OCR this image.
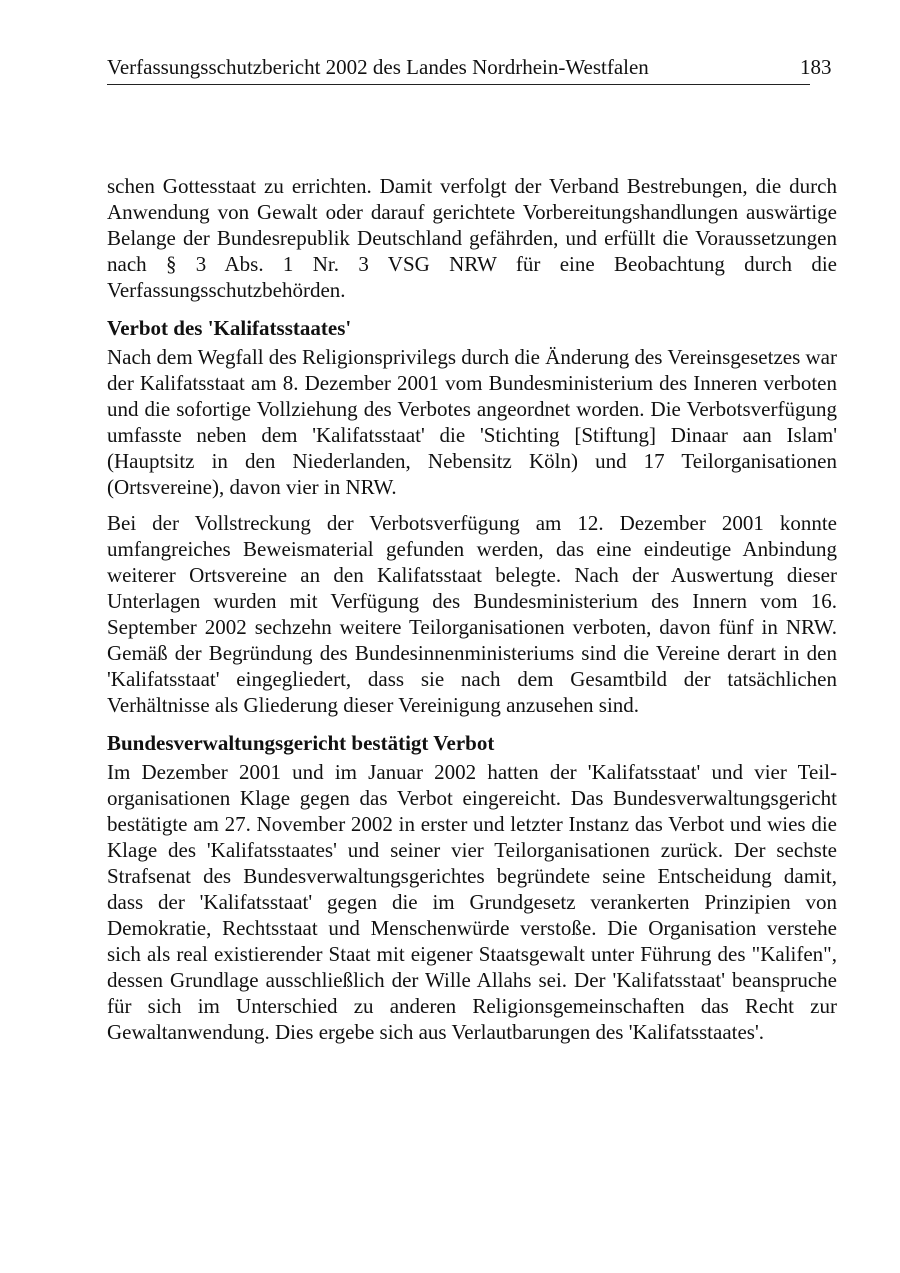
Verfassungsschutzbericht 2002 des Landes Nordrhein-Westfalen	183

schen Gottesstaat zu errichten. Damit verfolgt der Verband Bestrebungen, die durch Anwendung von Gewalt oder darauf gerichtete Vorbereitungshandlungen auswärtige Belange der Bundesrepublik Deutschland gefährden, und erfüllt die Voraussetzungen nach § 3 Abs. 1 Nr. 3 VSG NRW für eine Beobachtung durch die Verfassungsschutzbehörden.

Verbot des 'Kalifatsstaates'

Nach dem Wegfall des Religionsprivilegs durch die Änderung des Vereinsgesetzes war der Kalifatsstaat am 8. Dezember 2001 vom Bundesministerium des Inneren verboten und die sofortige Vollziehung des Verbotes angeordnet worden. Die Verbotsverfügung umfasste neben dem 'Kalifatsstaat' die 'Stichting [Stiftung] Dinaar aan Islam' (Hauptsitz in den Niederlanden, Nebensitz Köln) und 17 Teilorganisationen (Ortsvereine), davon vier in NRW.

Bei der Vollstreckung der Verbotsverfügung am 12. Dezember 2001 konnte umfangreiches Beweismaterial gefunden werden, das eine eindeutige Anbindung weiterer Ortsvereine an den Kalifatsstaat belegte. Nach der Auswertung dieser Unterlagen wurden mit Verfügung des Bundesministerium des Innern vom 16. September 2002 sechzehn weitere Teilorganisationen verboten, davon fünf in NRW. Gemäß der Begründung des Bundesinnenministeriums sind die Vereine derart in den 'Kalifatsstaat' eingegliedert, dass sie nach dem Gesamtbild der tatsächlichen Verhältnisse als Gliederung dieser Vereinigung anzusehen sind.

Bundesverwaltungsgericht bestätigt Verbot

Im Dezember 2001 und im Januar 2002 hatten der 'Kalifatsstaat' und vier Teilorganisationen Klage gegen das Verbot eingereicht. Das Bundesverwaltungsgericht bestätigte am 27. November 2002 in erster und letzter Instanz das Verbot und wies die Klage des 'Kalifatsstaates' und seiner vier Teilorganisationen zurück. Der sechste Strafsenat des Bundesverwaltungsgerichtes begründete seine Entscheidung damit, dass der 'Kalifatsstaat' gegen die im Grundgesetz verankerten Prinzipien von Demokratie, Rechtsstaat und Menschenwürde verstoße. Die Organisation verstehe sich als real existierender Staat mit eigener Staatsgewalt unter Führung des "Kalifen", dessen Grundlage ausschließlich der Wille Allahs sei. Der 'Kalifatsstaat' beanspruche für sich im Unterschied zu anderen Religionsgemeinschaften das Recht zur Gewaltanwendung. Dies ergebe sich aus Verlautbarungen des 'Kalifatsstaates'.
